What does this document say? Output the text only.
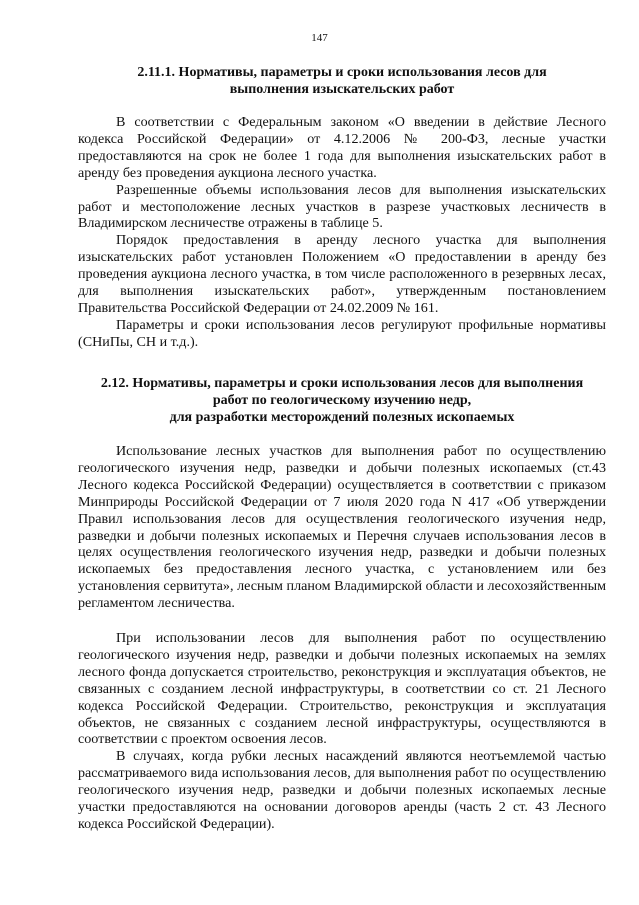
147

2.11.1. Нормативы, параметры и сроки использования лесов для

выполнения изыскательских работ

В соответствии с Федеральным законом «О введении в действие Лесного кодекса Российской Федерации» от 4.12.2006 № 200-ФЗ, лесные участки предоставляются на срок не более 1 года для выполнения изыскательских работ в аренду без проведения аукциона лесного участка.

Разрешенные объемы использования лесов для выполнения изыскательских работ и местоположение лесных участков в разрезе участковых лесничеств в Владимирском лесничестве отражены в таблице 5.

Порядок предоставления в аренду лесного участка для выполнения изыскательских работ установлен Положением «О предоставлении в аренду без проведения аукциона лесного участка, в том числе расположенного в резервных лесах, для выполнения изыскательских работ», утвержденным постановлением Правительства Российской Федерации от 24.02.2009 № 161.

Параметры и сроки использования лесов регулируют профильные нормативы (СНиПы, СН и т.д.).

2.12. Нормативы, параметры и сроки использования лесов для выполнения

работ по геологическому изучению недр,

для разработки месторождений полезных ископаемых

Использование лесных участков для выполнения работ по осуществлению геологического изучения недр, разведки и добычи полезных ископаемых (ст.43 Лесного кодекса Российской Федерации) осуществляется в соответствии с приказом Минприроды Российской Федерации от 7 июля 2020 года N 417 «Об утверждении Правил использования лесов для осуществления геологического изучения недр, разведки и добычи полезных ископаемых и Перечня случаев использования лесов в целях осуществления геологического изучения недр, разведки и добычи полезных ископаемых без предоставления лесного участка, с установлением или без установления сервитута», лесным планом Владимирской области и лесохозяйственным регламентом лесничества.

При использовании лесов для выполнения работ по осуществлению геологического изучения недр, разведки и добычи полезных ископаемых на землях лесного фонда допускается строительство, реконструкция и эксплуатация объектов, не связанных с созданием лесной инфраструктуры, в соответствии со ст. 21 Лесного кодекса Российской Федерации. Строительство, реконструкция и эксплуатация объектов, не связанных с созданием лесной инфраструктуры, осуществляются в соответствии с проектом освоения лесов.

В случаях, когда рубки лесных насаждений являются неотъемлемой частью рассматриваемого вида использования лесов, для выполнения работ по осуществлению геологического изучения недр, разведки и добычи полезных ископаемых лесные участки предоставляются на основании договоров аренды (часть 2 ст. 43 Лесного кодекса Российской Федерации).
